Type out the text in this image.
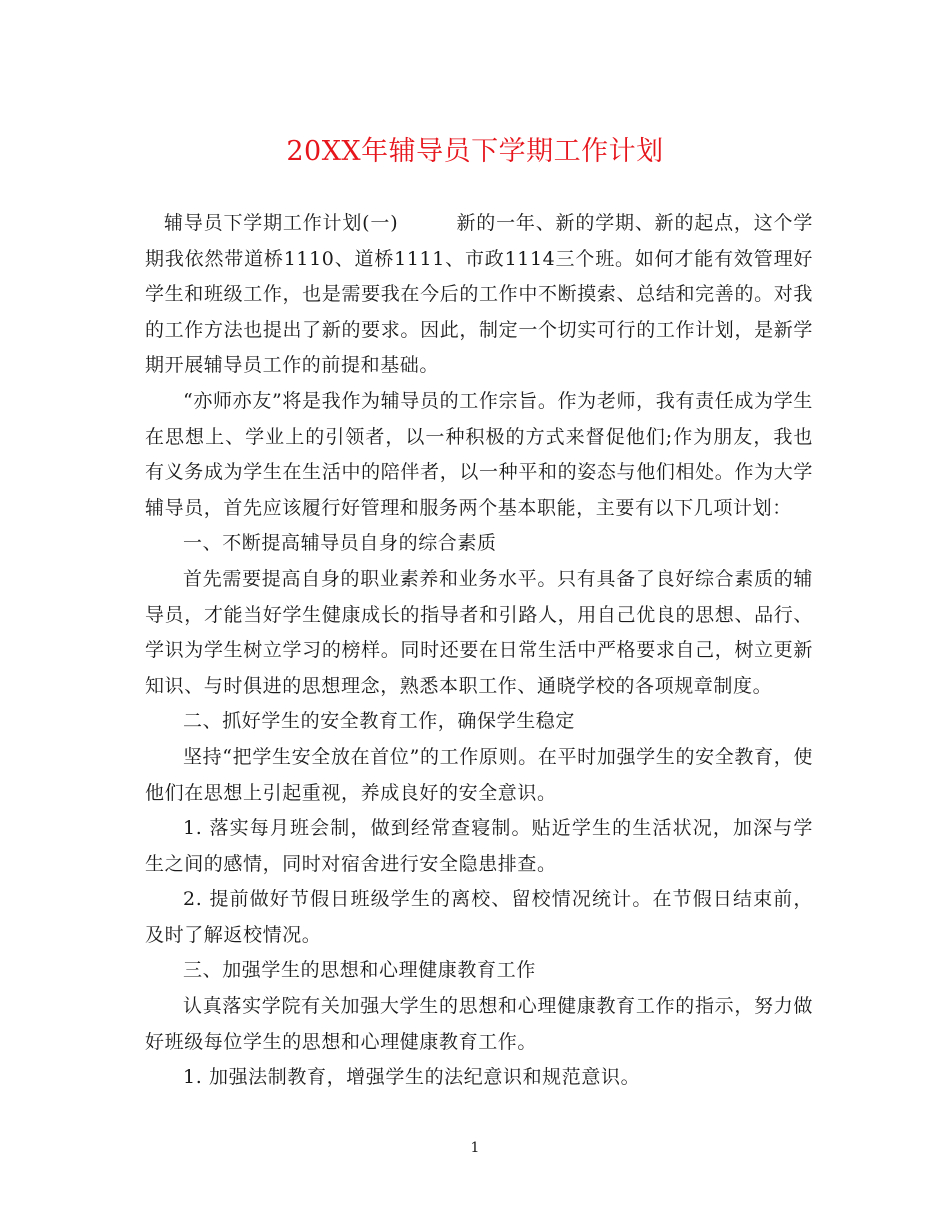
20XX年辅导员下学期工作计划

辅导员下学期工作计划(一)	新的一年、新的学期、新的起点，这个学期我依然带道桥1110、道桥1111、市政1114三个班。如何才能有效管理好学生和班级工作，也是需要我在今后的工作中不断摸索、总结和完善的。对我的工作方法也提出了新的要求。因此，制定一个切实可行的工作计划，是新学期开展辅导员工作的前提和基础。

“亦师亦友”将是我作为辅导员的工作宗旨。作为老师，我有责任成为学生在思想上、学业上的引领者，以一种积极的方式来督促他们;作为朋友，我也有义务成为学生在生活中的陪伴者，以一种平和的姿态与他们相处。作为大学辅导员，首先应该履行好管理和服务两个基本职能，主要有以下几项计划：

一、不断提高辅导员自身的综合素质

首先需要提高自身的职业素养和业务水平。只有具备了良好综合素质的辅导员，才能当好学生健康成长的指导者和引路人，用自己优良的思想、品行、学识为学生树立学习的榜样。同时还要在日常生活中严格要求自己，树立更新知识、与时俱进的思想理念，熟悉本职工作、通晓学校的各项规章制度。

二、抓好学生的安全教育工作，确保学生稳定

坚持“把学生安全放在首位”的工作原则。在平时加强学生的安全教育，使他们在思想上引起重视，养成良好的安全意识。

1. 落实每月班会制，做到经常查寝制。贴近学生的生活状况，加深与学生之间的感情，同时对宿舍进行安全隐患排查。

2. 提前做好节假日班级学生的离校、留校情况统计。在节假日结束前，及时了解返校情况。

三、加强学生的思想和心理健康教育工作

认真落实学院有关加强大学生的思想和心理健康教育工作的指示，努力做好班级每位学生的思想和心理健康教育工作。

1. 加强法制教育，增强学生的法纪意识和规范意识。

1
